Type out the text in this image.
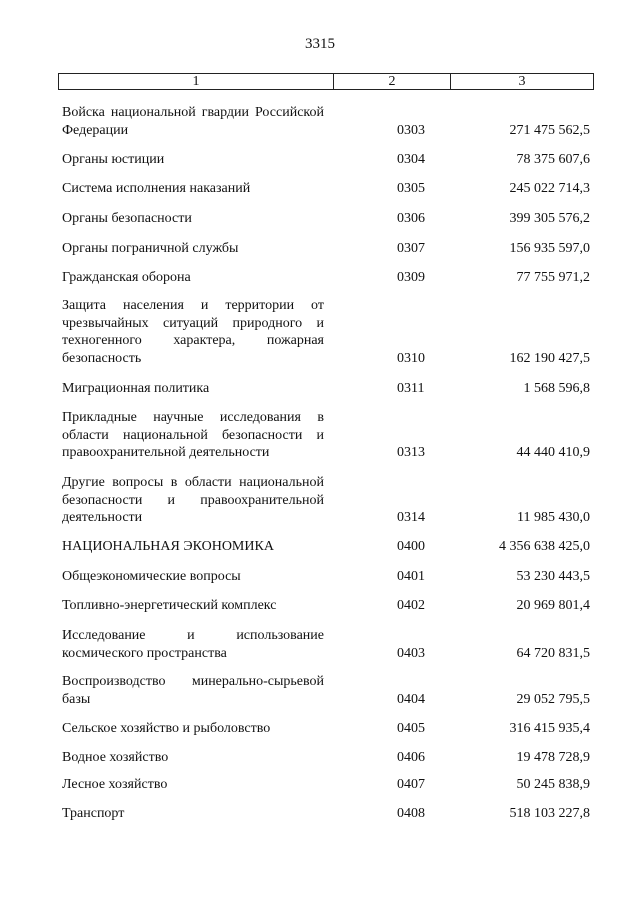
3315
1	2	3
Войска национальной гвардии Российской Федерации	0303	271 475 562,5
Органы юстиции	0304	78 375 607,6
Система исполнения наказаний	0305	245 022 714,3
Органы безопасности	0306	399 305 576,2
Органы пограничной службы	0307	156 935 597,0
Гражданская оборона	0309	77 755 971,2
Защита населения и территории от чрезвычайных ситуаций природного и техногенного характера, пожарная безопасность	0310	162 190 427,5
Миграционная политика	0311	1 568 596,8
Прикладные научные исследования в области национальной безопасности и правоохранительной деятельности	0313	44 440 410,9
Другие вопросы в области национальной безопасности и правоохранительной деятельности	0314	11 985 430,0
НАЦИОНАЛЬНАЯ ЭКОНОМИКА	0400	4 356 638 425,0
Общеэкономические вопросы	0401	53 230 443,5
Топливно-энергетический комплекс	0402	20 969 801,4
Исследование и использование космического пространства	0403	64 720 831,5
Воспроизводство минерально-сырьевой базы	0404	29 052 795,5
Сельское хозяйство и рыболовство	0405	316 415 935,4
Водное хозяйство	0406	19 478 728,9
Лесное хозяйство	0407	50 245 838,9
Транспорт	0408	518 103 227,8
